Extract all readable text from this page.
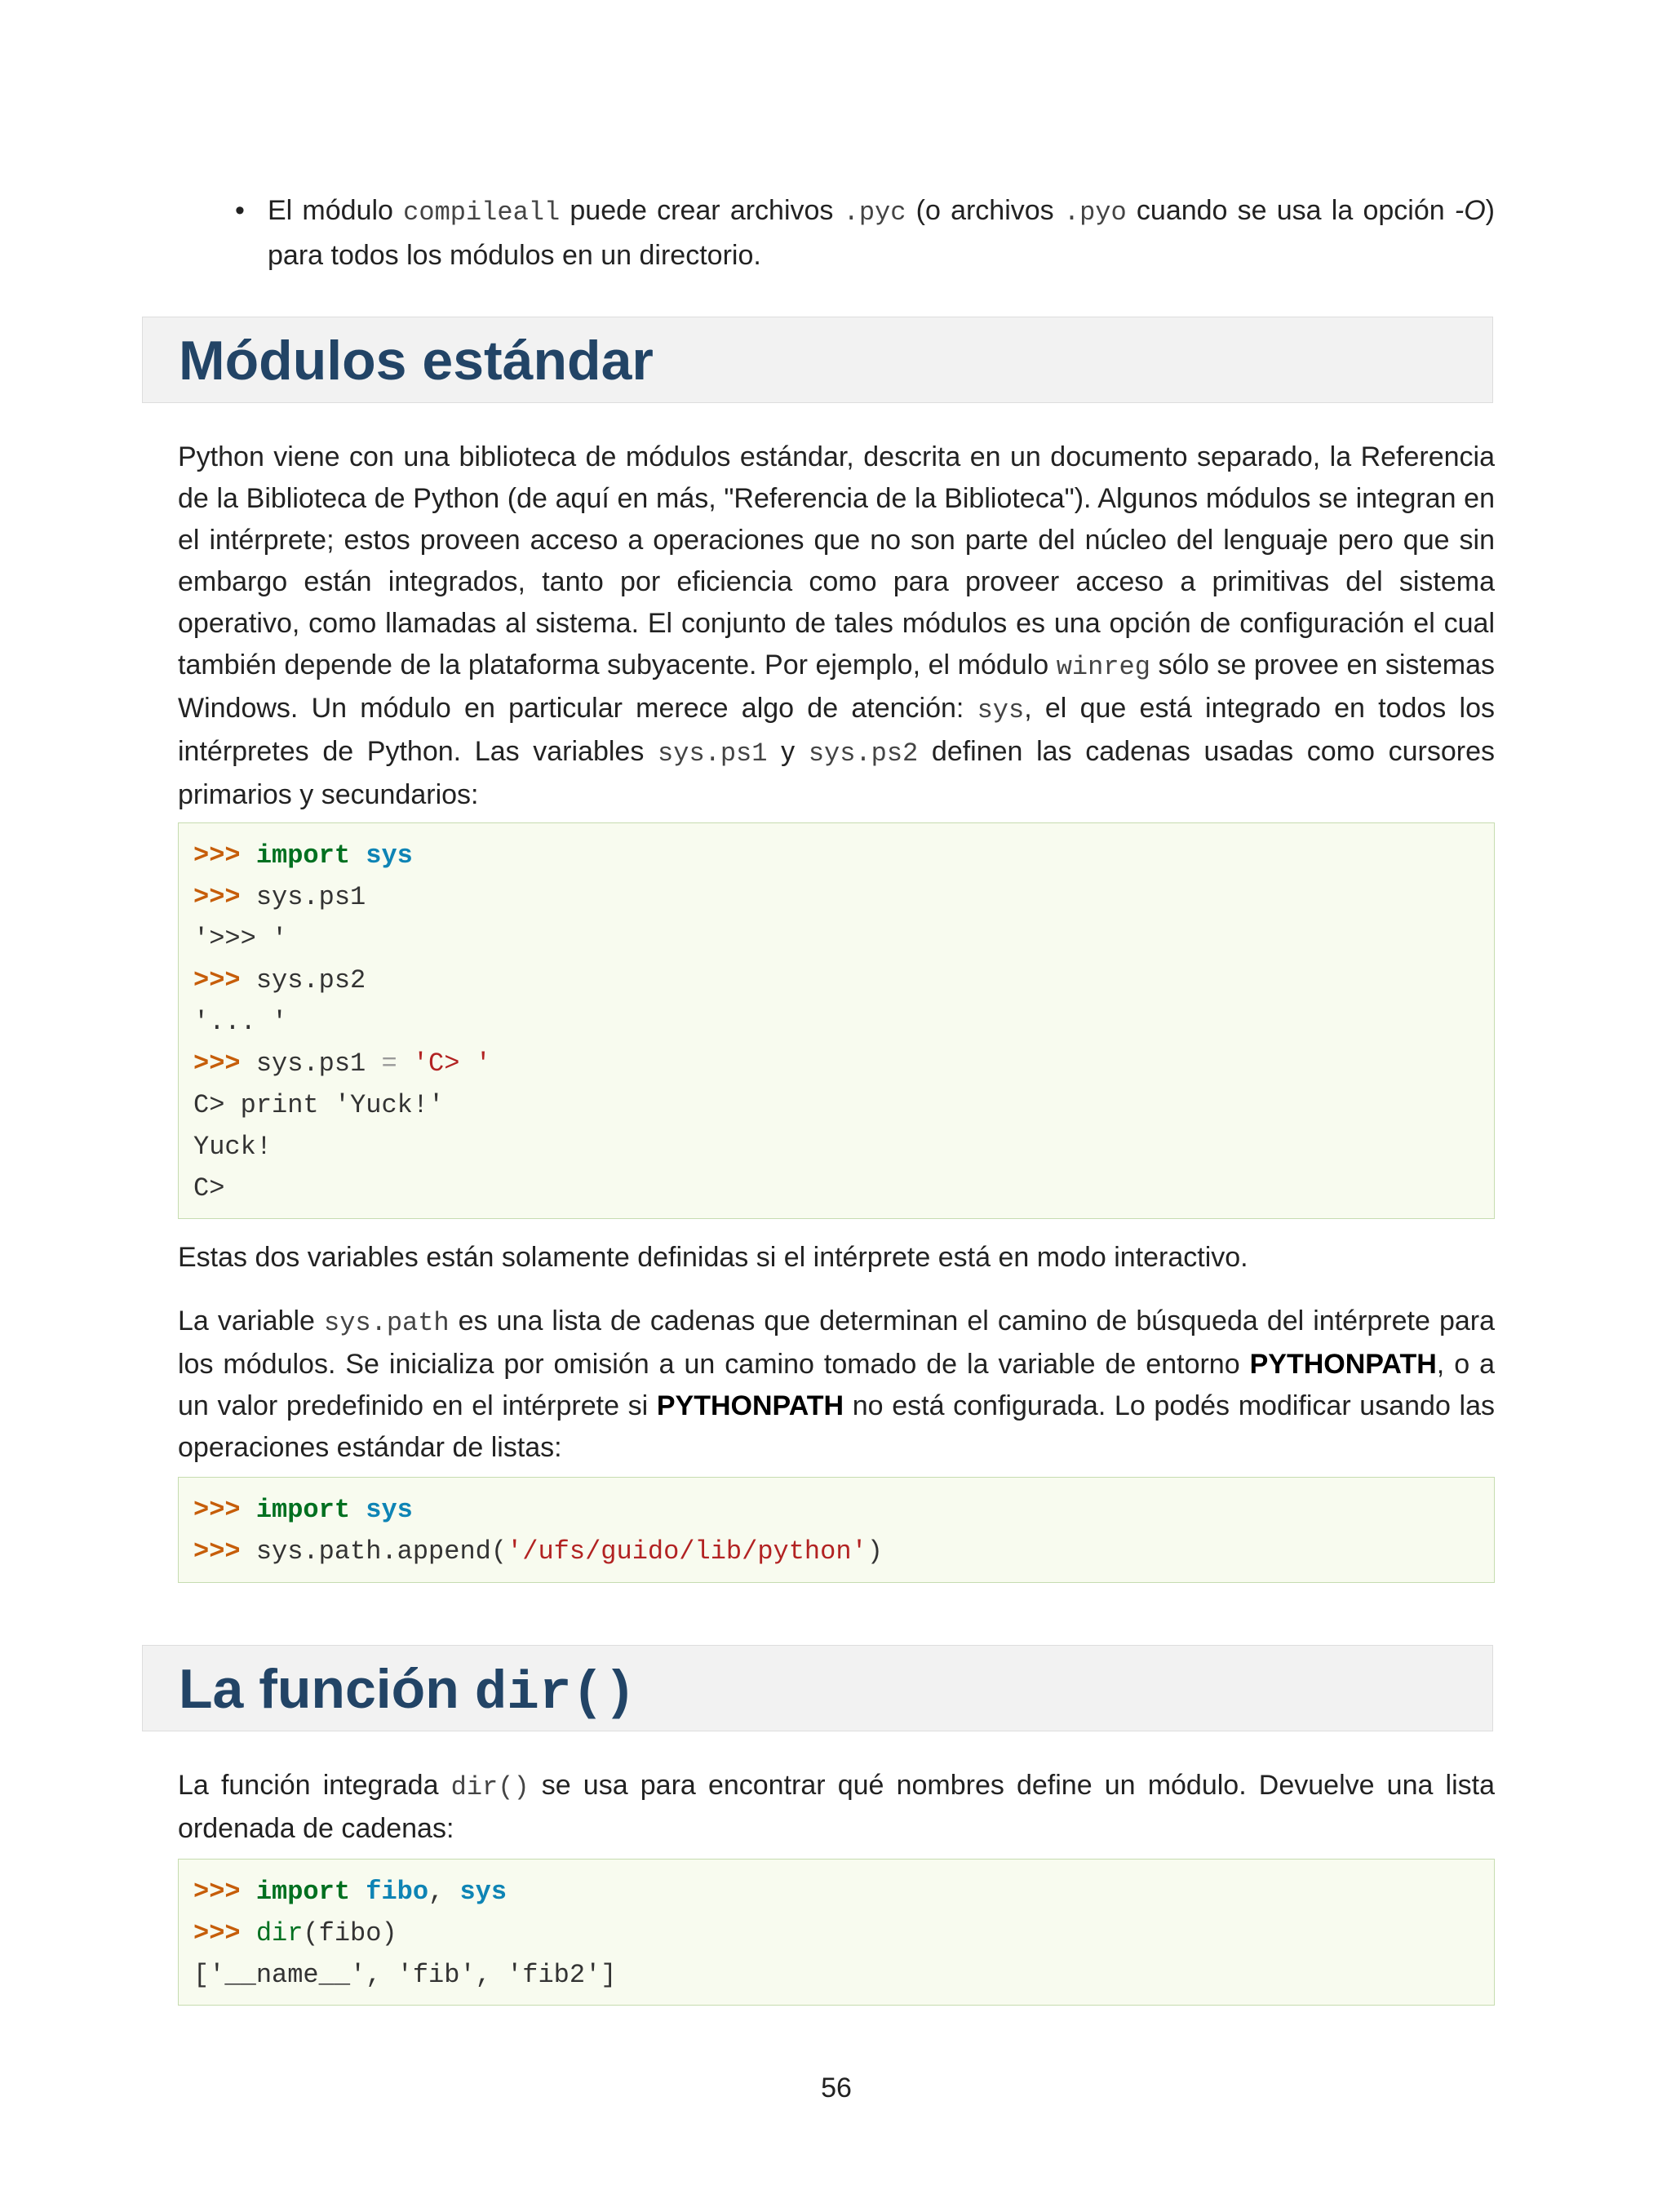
• El módulo compileall puede crear archivos .pyc (o archivos .pyo cuando se usa la opción -O) para todos los módulos en un directorio.
Módulos estándar
Python viene con una biblioteca de módulos estándar, descrita en un documento separado, la Referencia de la Biblioteca de Python (de aquí en más, "Referencia de la Biblioteca"). Algunos módulos se integran en el intérprete; estos proveen acceso a operaciones que no son parte del núcleo del lenguaje pero que sin embargo están integrados, tanto por eficiencia como para proveer acceso a primitivas del sistema operativo, como llamadas al sistema. El conjunto de tales módulos es una opción de configuración el cual también depende de la plataforma subyacente. Por ejemplo, el módulo winreg sólo se provee en sistemas Windows. Un módulo en particular merece algo de atención: sys, el que está integrado en todos los intérpretes de Python. Las variables sys.ps1 y sys.ps2 definen las cadenas usadas como cursores primarios y secundarios:
>>> import sys
>>> sys.ps1
'>>> '
>>> sys.ps2
'... '
>>> sys.ps1 = 'C> '
C> print 'Yuck!'
Yuck!
C>
Estas dos variables están solamente definidas si el intérprete está en modo interactivo.
La variable sys.path es una lista de cadenas que determinan el camino de búsqueda del intérprete para los módulos. Se inicializa por omisión a un camino tomado de la variable de entorno PYTHONPATH, o a un valor predefinido en el intérprete si PYTHONPATH no está configurada. Lo podés modificar usando las operaciones estándar de listas:
>>> import sys
>>> sys.path.append('/ufs/guido/lib/python')
La función dir()
La función integrada dir() se usa para encontrar qué nombres define un módulo. Devuelve una lista ordenada de cadenas:
>>> import fibo, sys
>>> dir(fibo)
['__name__', 'fib', 'fib2']
56
